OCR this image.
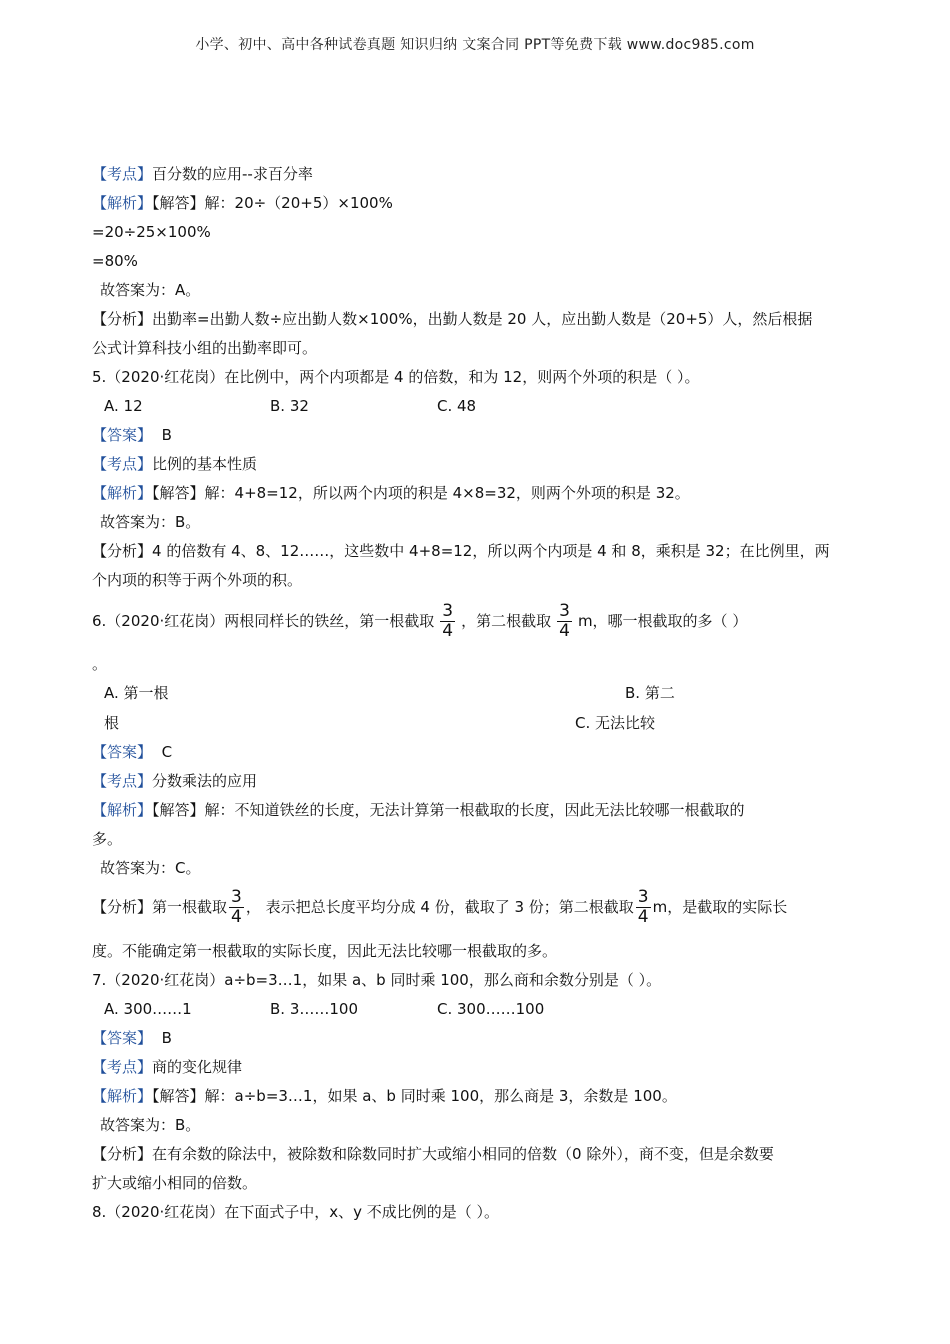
小学、初中、高中各种试卷真题 知识归纳 文案合同 PPT等免费下载 www.doc985.com
【考点】百分数的应用--求百分率
【解析】【解答】解：20÷（20+5）×100%
=20÷25×100%
=80%
故答案为：A。
【分析】出勤率=出勤人数÷应出勤人数×100%，出勤人数是 20 人，应出勤人数是（20+5）人，然后根据
公式计算科技小组的出勤率即可。
5.（2020·红花岗）在比例中，两个内项都是 4 的倍数，和为 12，则两个外项的积是（ ）。
A. 12	B. 32	C. 48
【答案】 B
【考点】比例的基本性质
【解析】【解答】解：4+8=12，所以两个内项的积是 4×8=32，则两个外项的积是 32。
故答案为：B。
【分析】4 的倍数有 4、8、12……，这些数中 4+8=12，所以两个内项是 4 和 8，乘积是 32；在比例里，两
个内项的积等于两个外项的积。
6.（2020·红花岗）两根同样长的铁丝，第一根截取 $\frac{3}{4}$ ，第二根截取 $\frac{3}{4}$ m，哪一根截取的多（ ）
。
A. 第一根	B. 第二
根	C. 无法比较
【答案】 C
【考点】分数乘法的应用
【解析】【解答】解：不知道铁丝的长度，无法计算第一根截取的长度，因此无法比较哪一根截取的
多。
故答案为：C。
【分析】第一根截取 $\frac{3}{4}$ ， 表示把总长度平均分成 4 份，截取了 3 份；第二根截取 $\frac{3}{4}$ m，是截取的实际长
度。不能确定第一根截取的实际长度，因此无法比较哪一根截取的多。
7.（2020·红花岗）a÷b=3…1，如果 a、b 同时乘 100，那么商和余数分别是（ ）。
A. 300……1	B. 3……100	C. 300……100
【答案】 B
【考点】商的变化规律
【解析】【解答】解：a÷b=3…1，如果 a、b 同时乘 100，那么商是 3，余数是 100。
故答案为：B。
【分析】在有余数的除法中，被除数和除数同时扩大或缩小相同的倍数（0 除外），商不变，但是余数要
扩大或缩小相同的倍数。
8.（2020·红花岗）在下面式子中，x、y 不成比例的是（ ）。
